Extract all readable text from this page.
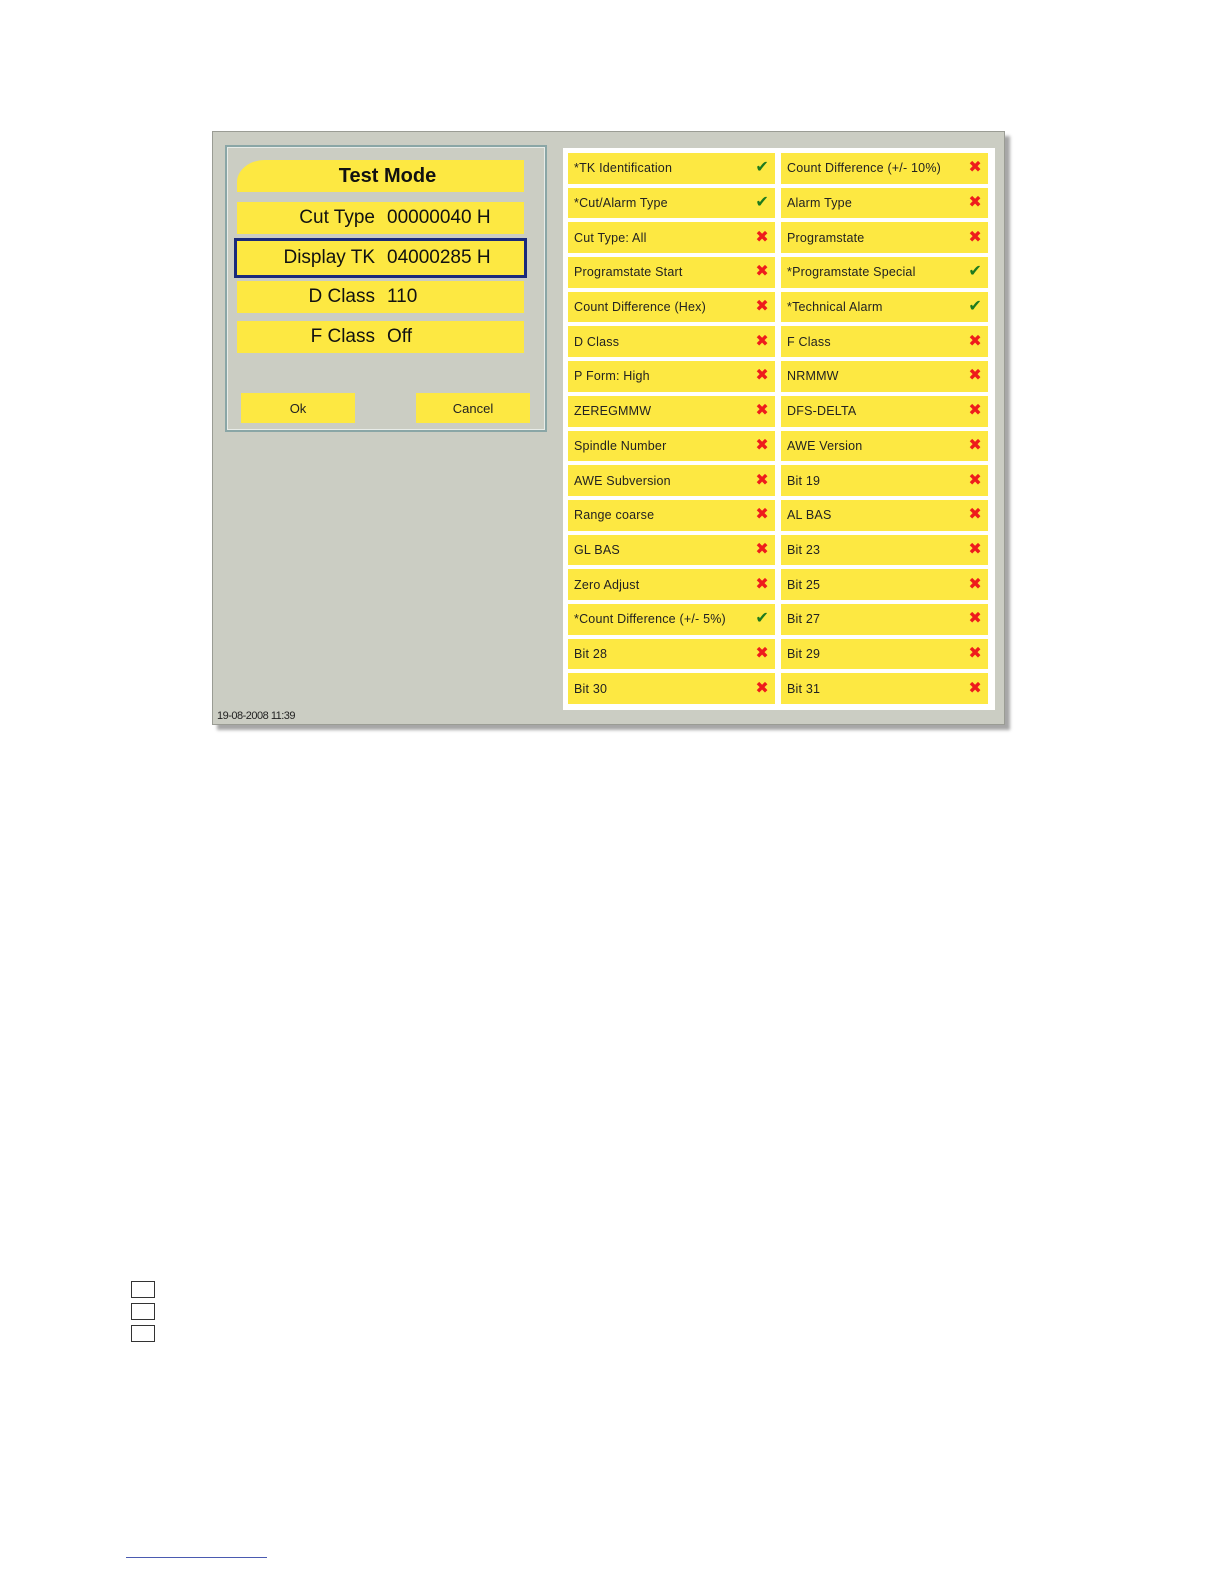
Test Mode
Cut Type 00000040 H
Display TK 04000285 H
D Class 110
F Class Off
Ok	Cancel
*TK Identification	✔ Count Difference (+/- 10%) ✖
*Cut/Alarm Type	✔ Alarm Type	✖
Cut Type: All	✖ Programstate	✖
Programstate Start	✖ *Programstate Special	✔
Count Difference (Hex)	✖ *Technical Alarm	✔
D Class	✖ F Class	✖
P Form: High	✖ NRMMW	✖
ZEREGMMW	✖ DFS-DELTA	✖
Spindle Number	✖ AWE Version	✖
AWE Subversion	✖ Bit 19	✖
Range coarse	✖ AL BAS	✖
GL BAS	✖ Bit 23	✖
Zero Adjust	✖ Bit 25	✖
*Count Difference (+/- 5%) ✔ Bit 27	✖
Bit 28	✖ Bit 29	✖
Bit 30	✖ Bit 31	✖
19-08-2008 11:39
